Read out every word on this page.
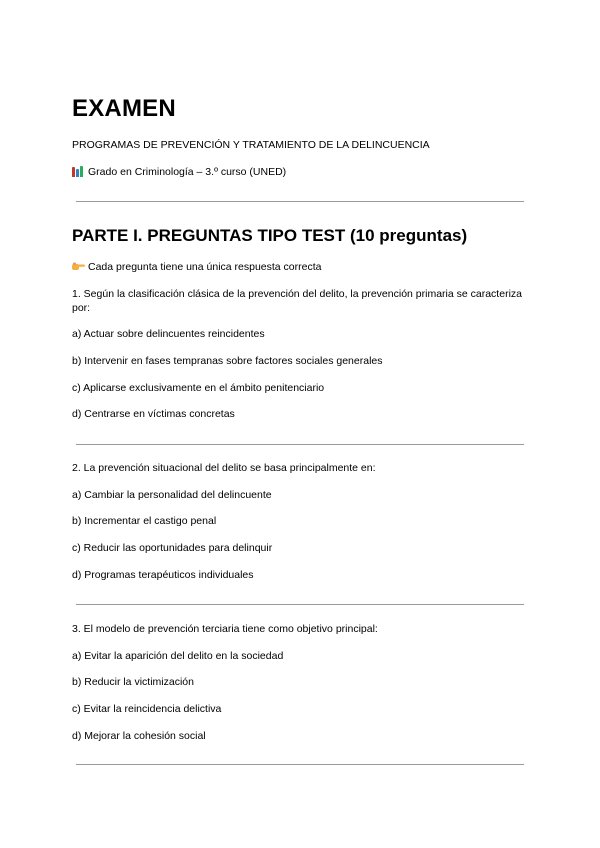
EXAMEN
PROGRAMAS DE PREVENCIÓN Y TRATAMIENTO DE LA DELINCUENCIA
Grado en Criminología – 3.º curso (UNED)
PARTE I. PREGUNTAS TIPO TEST (10 preguntas)
Cada pregunta tiene una única respuesta correcta
1. Según la clasificación clásica de la prevención del delito, la prevención primaria se caracteriza por:
a) Actuar sobre delincuentes reincidentes
b) Intervenir en fases tempranas sobre factores sociales generales
c) Aplicarse exclusivamente en el ámbito penitenciario
d) Centrarse en víctimas concretas
2. La prevención situacional del delito se basa principalmente en:
a) Cambiar la personalidad del delincuente
b) Incrementar el castigo penal
c) Reducir las oportunidades para delinquir
d) Programas terapéuticos individuales
3. El modelo de prevención terciaria tiene como objetivo principal:
a) Evitar la aparición del delito en la sociedad
b) Reducir la victimización
c) Evitar la reincidencia delictiva
d) Mejorar la cohesión social
